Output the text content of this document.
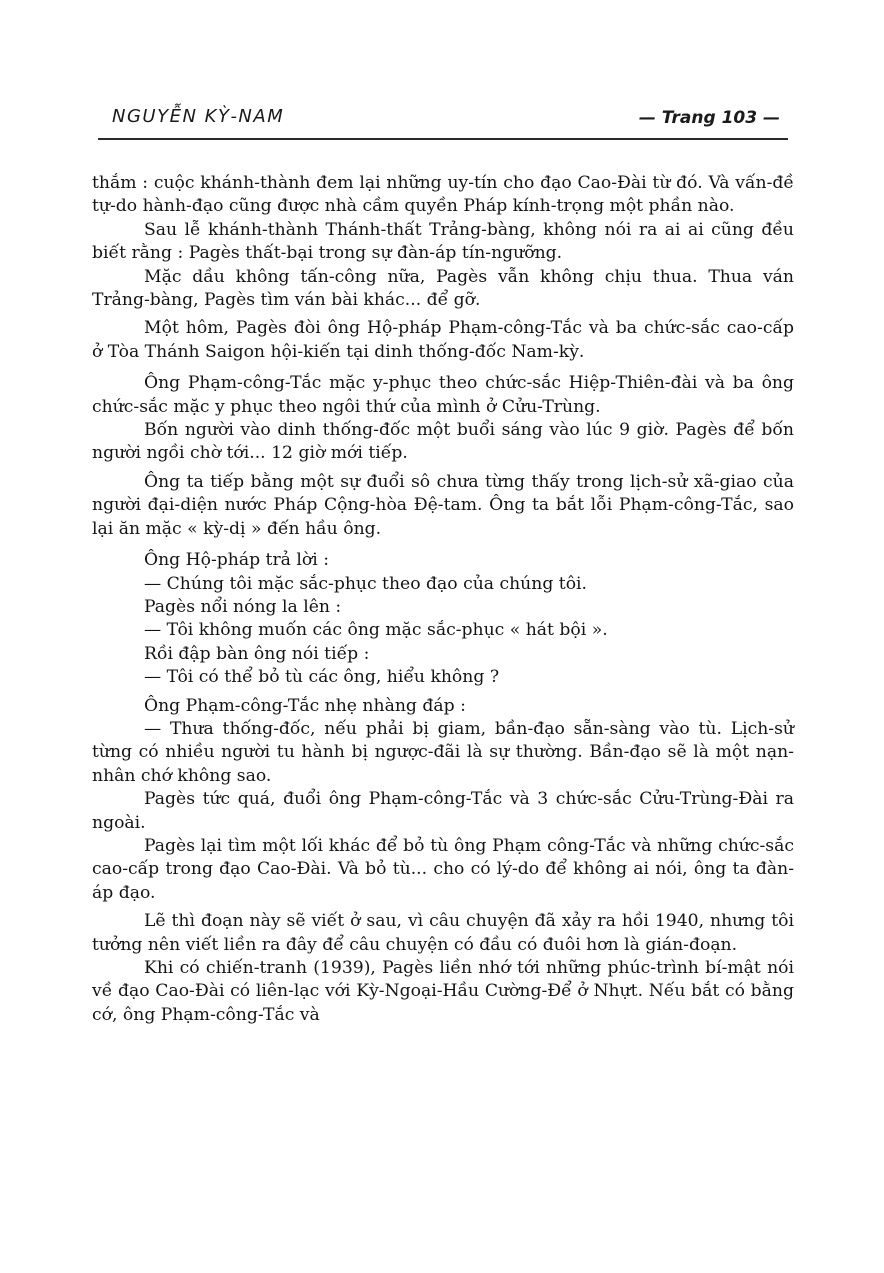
NGUYỄN KỲ-NAM	— Trang 103 —

thắm : cuộc khánh-thành đem lại những uy-tín cho đạo Cao-Đài từ đó. Và vấn-đề tự-do hành-đạo cũng được nhà cầm quyền Pháp kính-trọng một phần nào.

Sau lễ khánh-thành Thánh-thất Trảng-bàng, không nói ra ai ai cũng đều biết rằng : Pagès thất-bại trong sự đàn-áp tín-ngưỡng.

Mặc dầu không tấn-công nữa, Pagès vẫn không chịu thua. Thua ván Trảng-bàng, Pagès tìm ván bài khác... để gỡ.

Một hôm, Pagès đòi ông Hộ-pháp Phạm-công-Tắc và ba chức-sắc cao-cấp ở Tòa Thánh Saigon hội-kiến tại dinh thống-đốc Nam-kỳ.

Ông Phạm-công-Tắc mặc y-phục theo chức-sắc Hiệp-Thiên-đài và ba ông chức-sắc mặc y phục theo ngôi thứ của mình ở Cửu-Trùng.

Bốn người vào dinh thống-đốc một buổi sáng vào lúc 9 giờ. Pagès để bốn người ngồi chờ tới... 12 giờ mới tiếp.

Ông ta tiếp bằng một sự đuổi sô chưa từng thấy trong lịch-sử xã-giao của người đại-diện nước Pháp Cộng-hòa Đệ-tam. Ông ta bắt lỗi Phạm-công-Tắc, sao lại ăn mặc « kỳ-dị » đến hầu ông.

Ông Hộ-pháp trả lời :

— Chúng tôi mặc sắc-phục theo đạo của chúng tôi.

Pagès nổi nóng la lên :

— Tôi không muốn các ông mặc sắc-phục « hát bội ».

Rồi đập bàn ông nói tiếp :

— Tôi có thể bỏ tù các ông, hiểu không ?

Ông Phạm-công-Tắc nhẹ nhàng đáp :

— Thưa thống-đốc, nếu phải bị giam, bần-đạo sẵn-sàng vào tù. Lịch-sử từng có nhiều người tu hành bị ngược-đãi là sự thường. Bần-đạo sẽ là một nạn-nhân chớ không sao.

Pagès tức quá, đuổi ông Phạm-công-Tắc và 3 chức-sắc Cửu-Trùng-Đài ra ngoài.

Pagès lại tìm một lối khác để bỏ tù ông Phạm công-Tắc và những chức-sắc cao-cấp trong đạo Cao-Đài. Và bỏ tù... cho có lý-do để không ai nói, ông ta đàn-áp đạo.

Lẽ thì đoạn này sẽ viết ở sau, vì câu chuyện đã xảy ra hồi 1940, nhưng tôi tưởng nên viết liền ra đây để câu chuyện có đầu có đuôi hơn là gián-đoạn.

Khi có chiến-tranh (1939), Pagès liền nhớ tới những phúc-trình bí-mật nói về đạo Cao-Đài có liên-lạc với Kỳ-Ngoại-Hầu Cường-Để ở Nhựt. Nếu bắt có bằng cớ, ông Phạm-công-Tắc và
